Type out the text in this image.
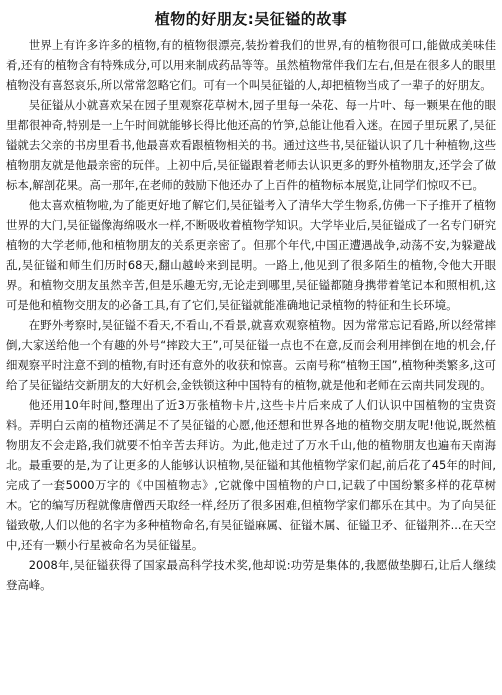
植物的好朋友:吴征镒的故事

世界上有许多许多的植物,有的植物很漂亮,装扮着我们的世界,有的植物很可口,能做成美味佳肴,还有的植物含有特殊成分,可以用来制成药品等等。虽然植物常伴我们左右,但是在很多人的眼里植物没有喜怒哀乐,所以常常忽略它们。可有一个叫吴征镒的人,却把植物当成了一辈子的好朋友。

吴征镒从小就喜欢呆在园子里观察花草树木,园子里每一朵花、每一片叶、每一颗果在他的眼里都很神奇,特别是一上午时间就能够长得比他还高的竹笋,总能让他看入迷。在园子里玩累了,吴征镒就去父亲的书房里看书,他最喜欢看跟植物相关的书。通过这些书,吴征镒认识了几十种植物,这些植物朋友就是他最亲密的玩伴。上初中后,吴征镒跟着老师去认识更多的野外植物朋友,还学会了做标本,解剖花果。高一那年,在老师的鼓励下他还办了上百件的植物标本展览,让同学们惊叹不已。

他太喜欢植物啦,为了能更好地了解它们,吴征镒考入了清华大学生物系,仿佛一下子推开了植物世界的大门,吴征镒像海绵吸水一样,不断吸收着植物学知识。大学毕业后,吴征镒成了一名专门研究植物的大学老师,他和植物朋友的关系更亲密了。但那个年代,中国正遭遇战争,动荡不安,为躲避战乱,吴征镒和师生们历时68天,翻山越岭来到昆明。一路上,他见到了很多陌生的植物,令他大开眼界。和植物交朋友虽然辛苦,但是乐趣无穷,无论走到哪里,吴征镒都随身携带着笔记本和照相机,这可是他和植物交朋友的必备工具,有了它们,吴征镒就能准确地记录植物的特征和生长环境。

在野外考察时,吴征镒不看天,不看山,不看景,就喜欢观察植物。因为常常忘记看路,所以经常摔倒,大家送给他一个有趣的外号“摔跤大王”,可吴征镒一点也不在意,反而会利用摔倒在地的机会,仔细观察平时注意不到的植物,有时还有意外的收获和惊喜。云南号称“植物王国”,植物种类繁多,这可给了吴征镒结交新朋友的大好机会,金铁锁这种中国特有的植物,就是他和老师在云南共同发现的。

他还用10年时间,整理出了近3万张植物卡片,这些卡片后来成了人们认识中国植物的宝贵资料。弄明白云南的植物还满足不了吴征镒的心愿,他还想和世界各地的植物交朋友呢!他说,既然植物朋友不会走路,我们就要不怕辛苦去拜访。为此,他走过了万水千山,他的植物朋友也遍布天南海北。最重要的是,为了让更多的人能够认识植物,吴征镒和其他植物学家们起,前后花了45年的时间,完成了一套5000万字的《中国植物志》,它就像中国植物的户口,记载了中国纷繁多样的花草树木。它的编写历程就像唐僧西天取经一样,经历了很多困难,但植物学家们都乐在其中。为了向吴征镒致敬,人们以他的名字为多种植物命名,有吴征镒麻属、征镒木属、征镒卫矛、征镒荆芥...在天空中,还有一颗小行星被命名为吴征镒星。

2008年,吴征镒获得了国家最高科学技术奖,他却说:功劳是集体的,我愿做垫脚石,让后人继续登高峰。
